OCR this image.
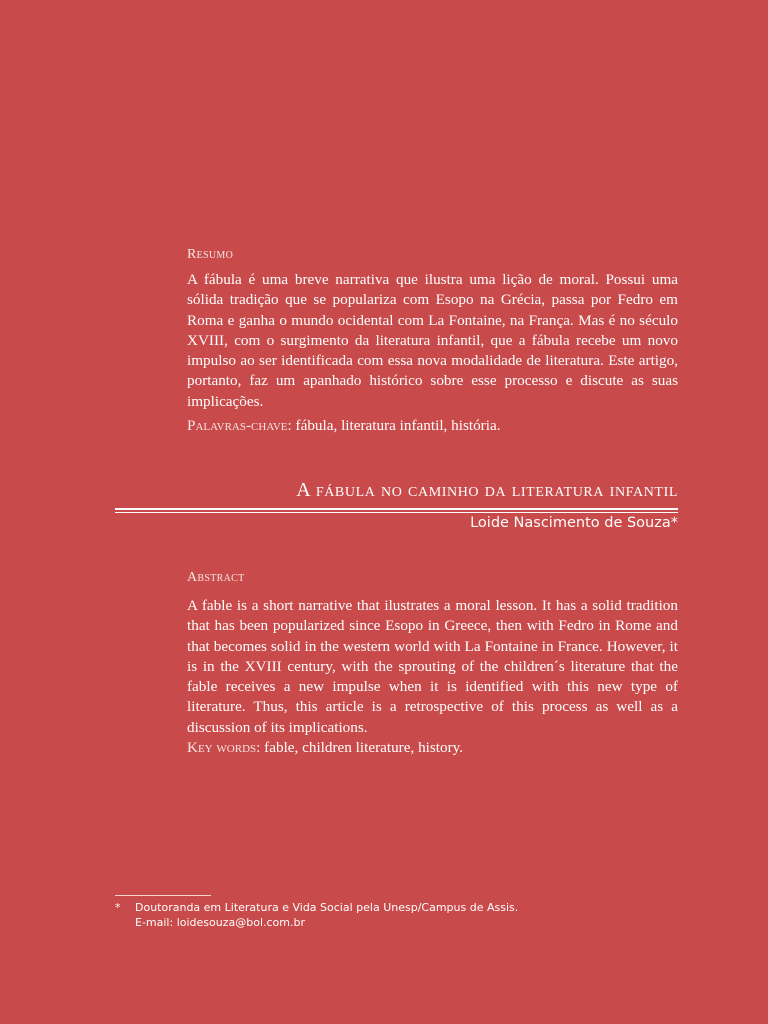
Resumo
A fábula é uma breve narrativa que ilustra uma lição de moral. Possui uma sólida tradição que se populariza com Esopo na Grécia, passa por Fedro em Roma e ganha o mundo ocidental com La Fontaine, na França. Mas é no século XVIII, com o surgimento da literatura infantil, que a fábula recebe um novo impulso ao ser identificada com essa nova modalidade de literatura. Este artigo, portanto, faz um apanhado histórico sobre esse processo e discute as suas implicações.
Palavras-chave: fábula, literatura infantil, história.
A fábula no caminho da literatura infantil
Loide Nascimento de Souza*
Abstract
A fable is a short narrative that ilustrates a moral lesson. It has a solid tradition that has been popularized since Esopo in Greece, then with Fedro in Rome and that becomes solid in the western world with La Fontaine in France. However, it is in the XVIII century, with the sprouting of the children´s literature that the fable receives a new impulse when it is identified with this new type of literature. Thus, this article is a retrospective of this process as well as a discussion of its implications.
Key words: fable, children literature, history.
* Doutoranda em Literatura e Vida Social pela Unesp/Campus de Assis.
E-mail: loidesouza@bol.com.br
